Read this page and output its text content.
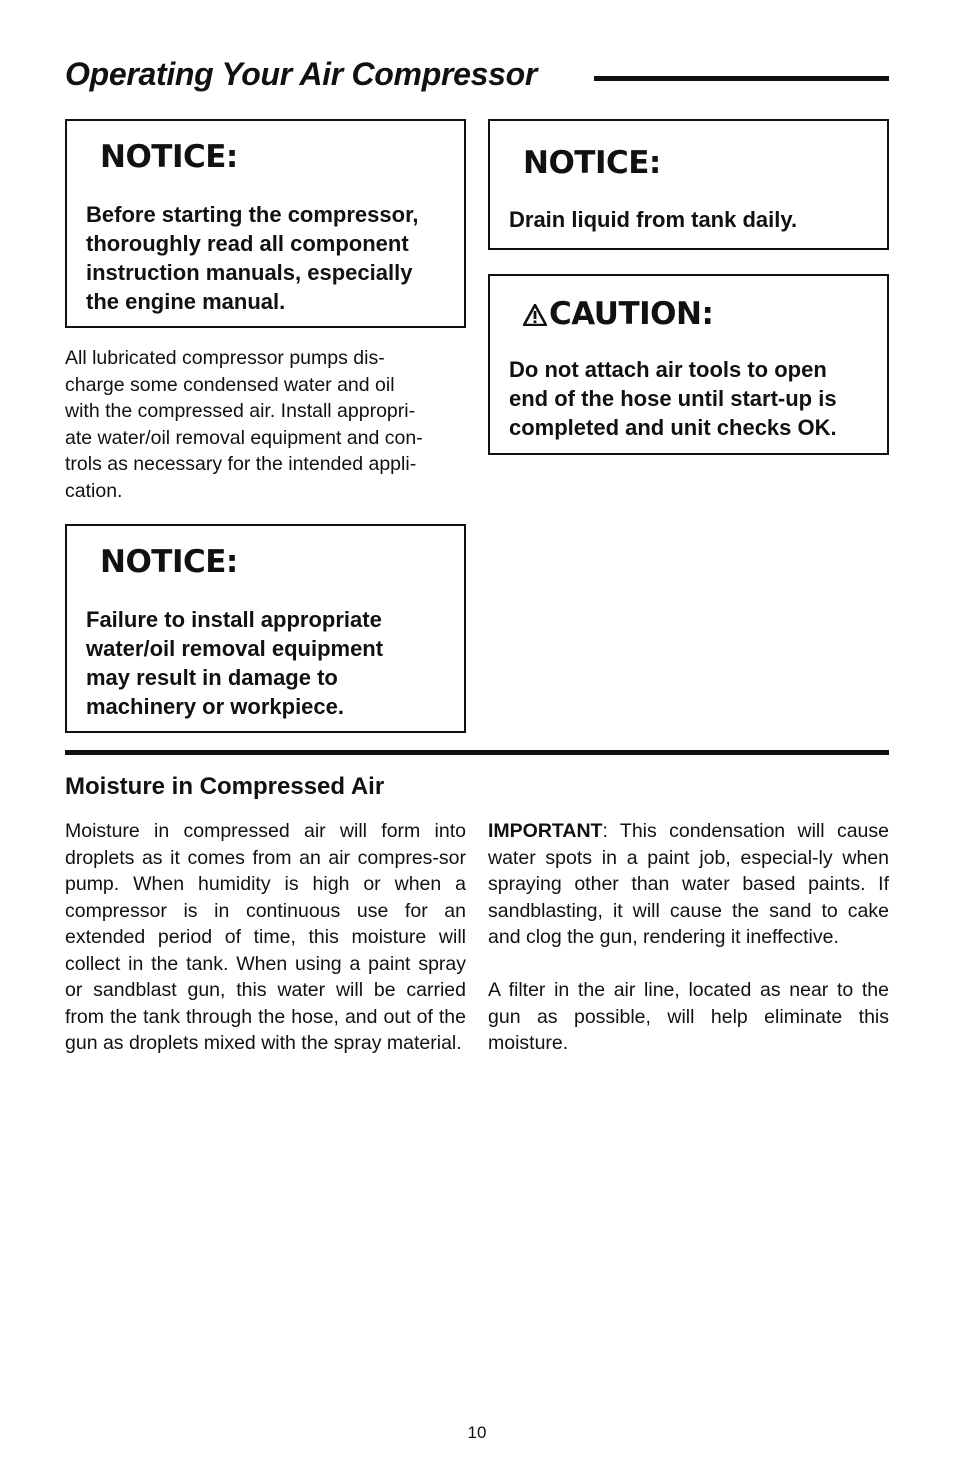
Operating Your Air Compressor
NOTICE:
Before starting the compressor,
thoroughly read all component
instruction manuals, especially
the engine manual.
NOTICE:
Drain liquid from tank daily.
CAUTION:
Do not attach air tools to open
end of the hose until start-up is
completed and unit checks OK.
All lubricated compressor pumps dis-
charge some condensed water and oil
with the compressed air. Install appropri-
ate water/oil removal equipment and con-
trols as necessary for the intended appli-
cation.
NOTICE:
Failure to install appropriate
water/oil removal equipment
may result in damage to
machinery or workpiece.
Moisture in Compressed Air
Moisture in compressed air will form into droplets as it comes from an air compres-sor pump. When humidity is high or when a compressor is in continuous use for an extended period of time, this moisture will collect in the tank. When using a paint spray or sandblast gun, this water will be carried from the tank through the hose, and out of the gun as droplets mixed with the spray material.
IMPORTANT: This condensation will cause water spots in a paint job, especial-ly when spraying other than water based paints. If sandblasting, it will cause the sand to cake and clog the gun, rendering it ineffective.
A filter in the air line, located as near to the gun as possible, will help eliminate this moisture.
10
